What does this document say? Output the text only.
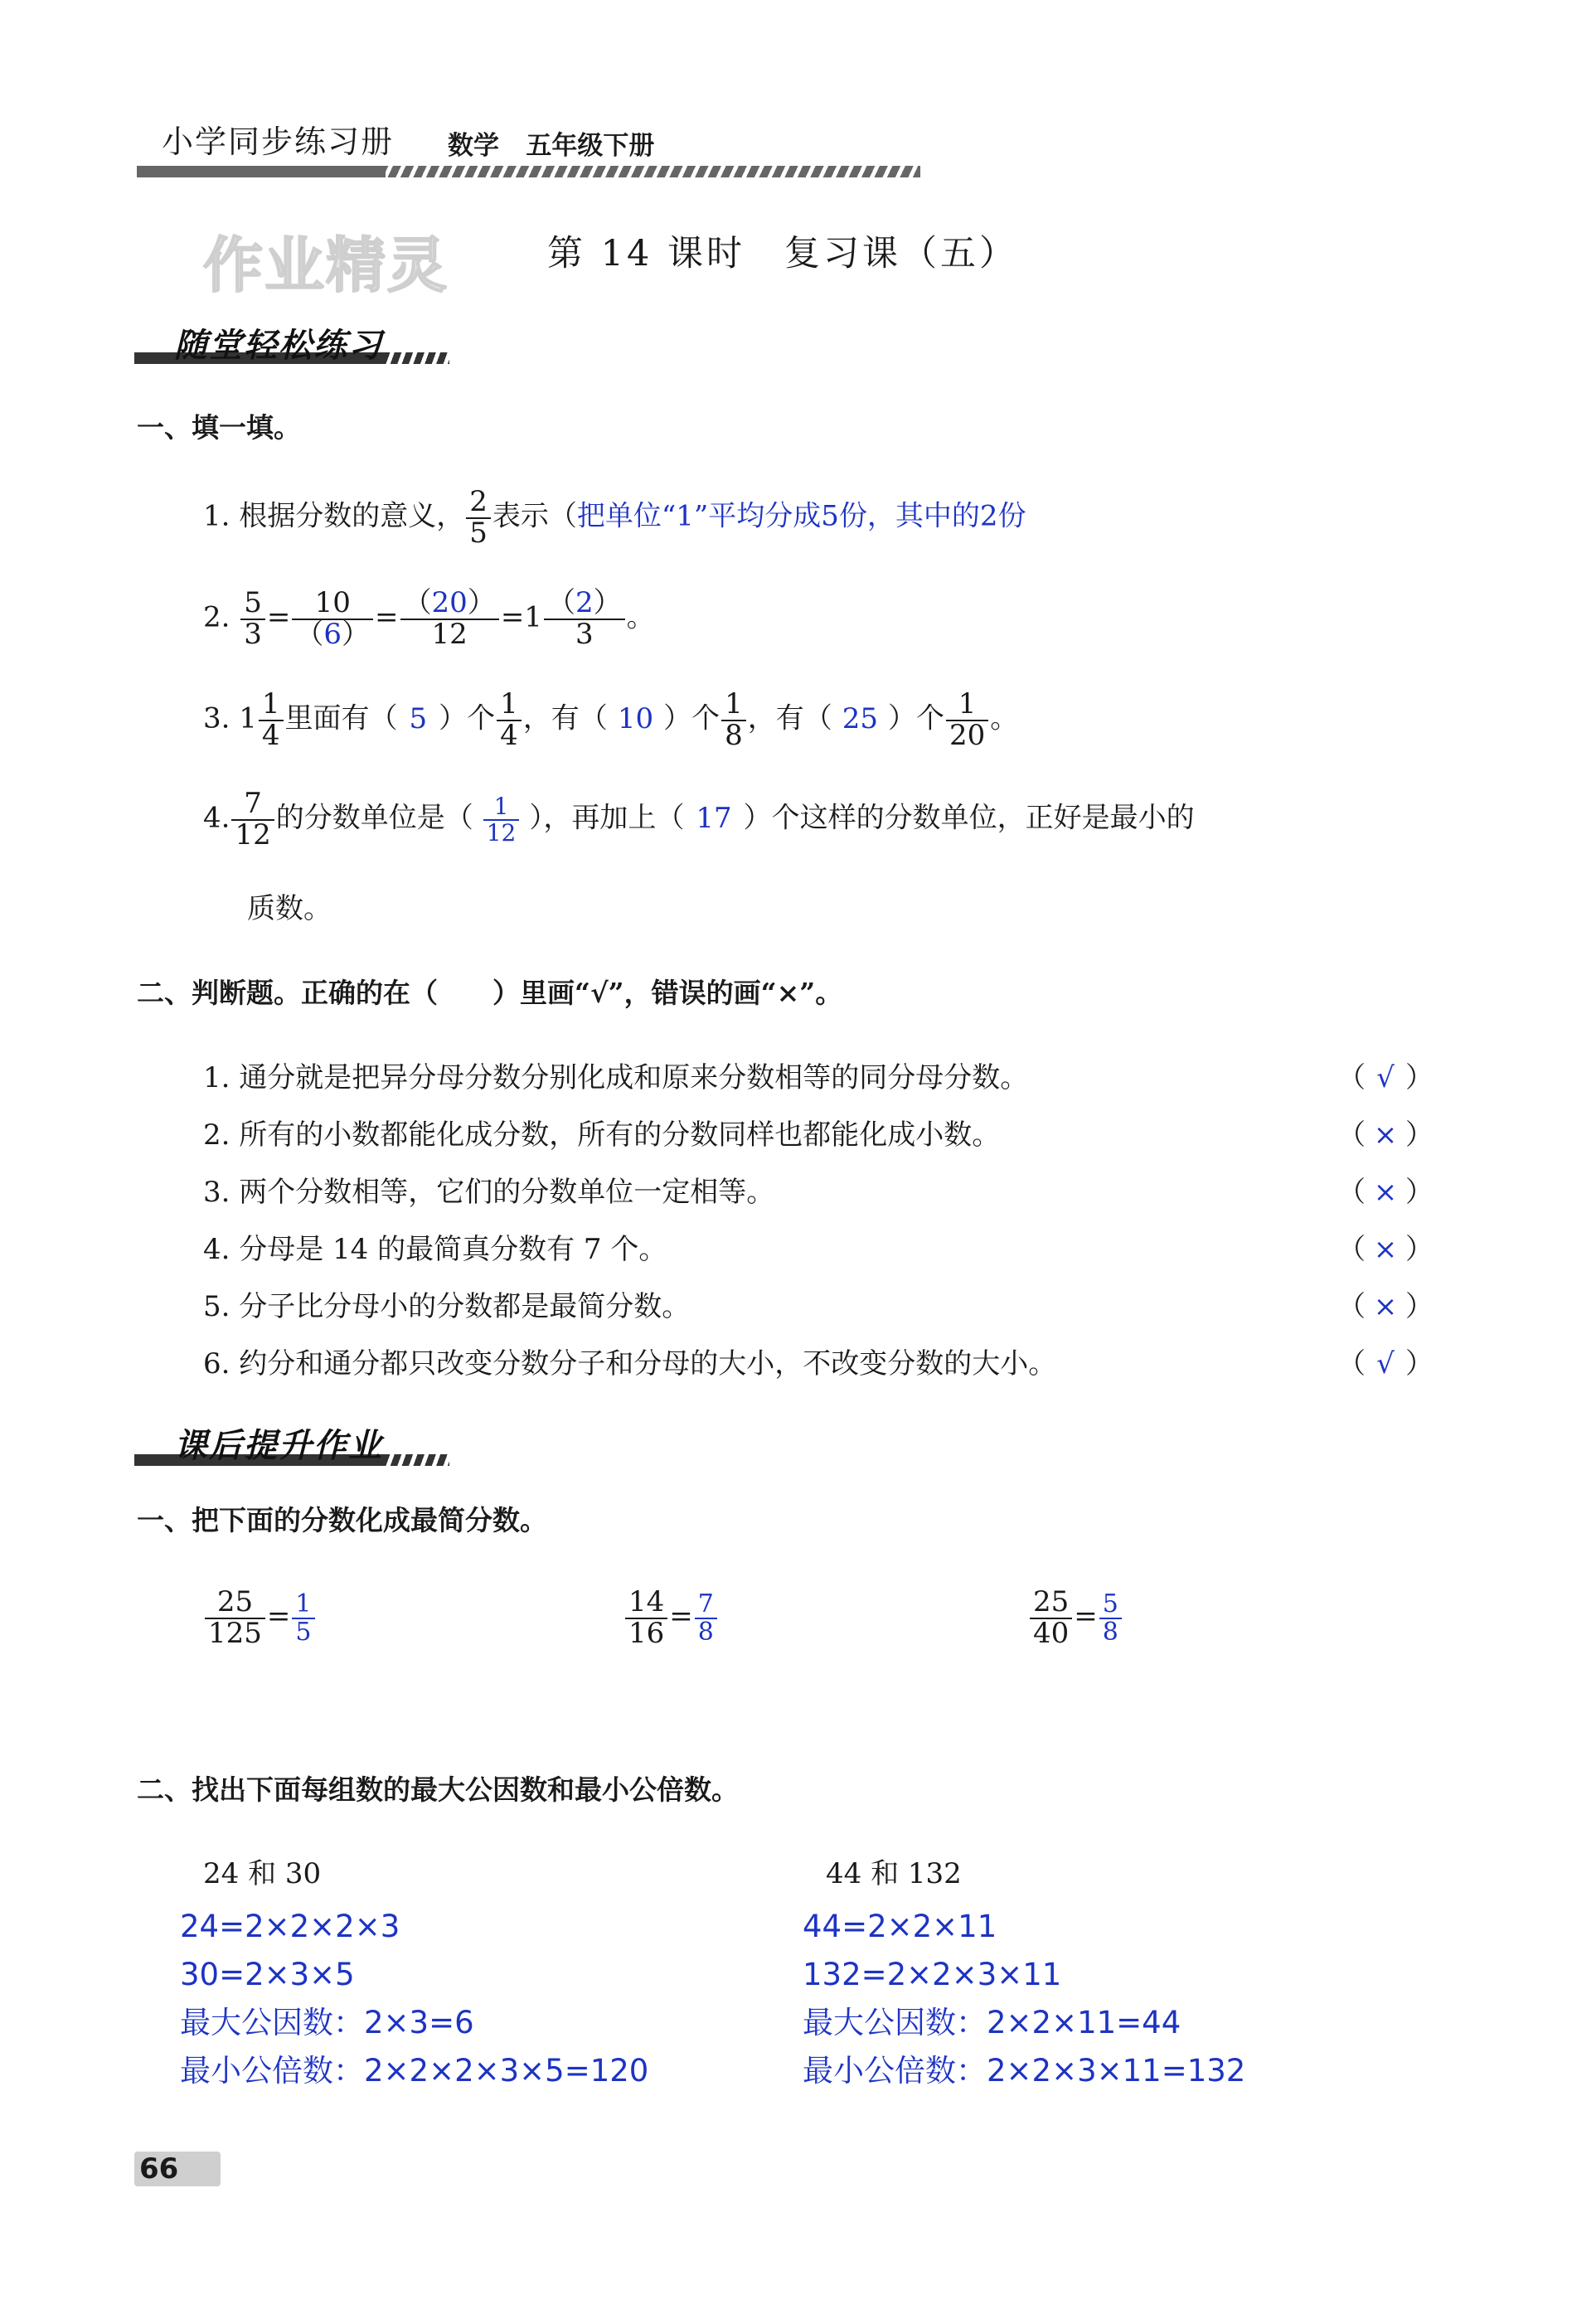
小学同步练习册 数学 五年级下册
作业精灵	第 14 课时　复习课（五）
随堂轻松练习
一、填一填。
1. 根据分数的意义， $\frac{2}{5}$ 表示（把单位“1”平均分成5份，其中的2份
2. $\frac{5}{3} = \frac{10}{(6)} = \frac{(20)}{12} =1 \frac{(2)}{3}$ 。
3. $1 \frac{1}{4}$ 里面有（ 5 ）个 $\frac{1}{4}$ ，有（ 10 ）个 $\frac{1}{8}$ ，有（ 25 ）个 $\frac{1}{20}$ 。
4. $\frac{7}{12}$ 的分数单位是（ $\frac{1}{12}$ ），再加上（ 17 ）个这样的分数单位，正好是最小的
质数。
二、判断题。正确的在（　　）里画“√”，错误的画“×”。
1. 通分就是把异分母分数分别化成和原来分数相等的同分母分数。	（ √ ）
2. 所有的小数都能化成分数，所有的分数同样也都能化成小数。	（ × ）
3. 两个分数相等，它们的分数单位一定相等。	（ × ）
4. 分母是 14 的最简真分数有 7 个。	（ × ）
5. 分子比分母小的分数都是最简分数。	（ × ）
6. 约分和通分都只改变分数分子和分母的大小，不改变分数的大小。	（ √ ）
课后提升作业
一、把下面的分数化成最简分数。
$\frac{25}{125} = \frac{1}{5}$	$\frac{14}{16} = \frac{7}{8}$	$\frac{25}{40} = \frac{5}{8}$
二、找出下面每组数的最大公因数和最小公倍数。
24 和 30
24=2×2×2×3
30=2×3×5
最大公因数：2×3=6
最小公倍数：2×2×2×3×5=120
44 和 132
44=2×2×11
132=2×2×3×11
最大公因数：2×2×11=44
最小公倍数：2×2×3×11=132
66
